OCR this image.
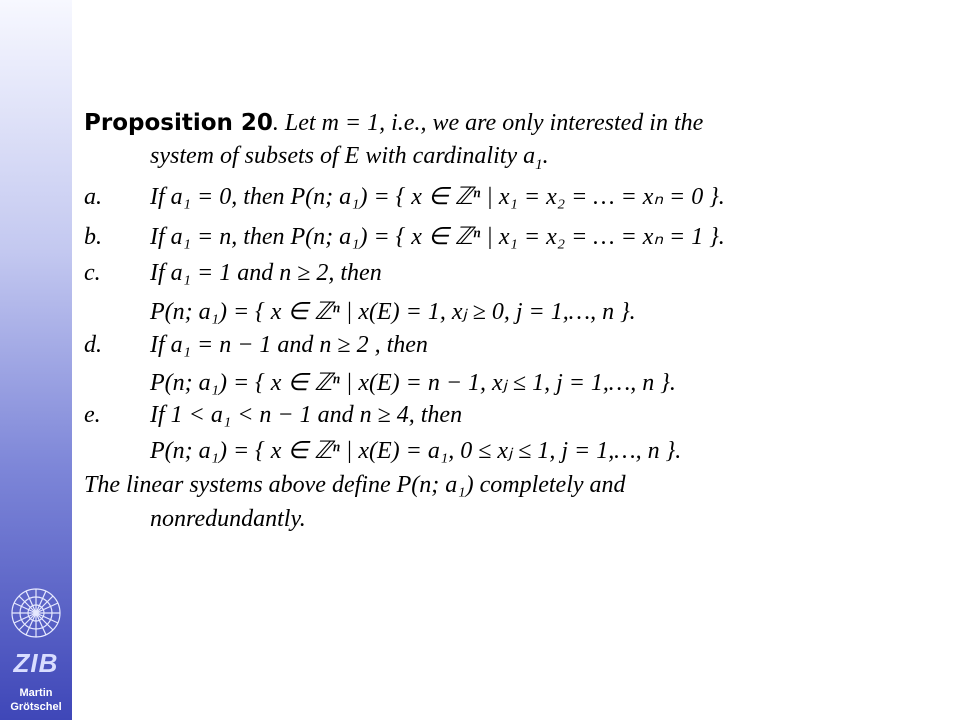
ZIB
Martin
Grötschel
Proposition 20. Let m = 1, i.e., we are only interested in the
system of subsets of E with cardinality $a_1$.
a. If a₁ = 0, then P(n; a₁) = { x ∈ ℤⁿ | x₁ = x₂ = … = xₙ = 0 }.
b. If a₁ = n, then P(n; a₁) = { x ∈ ℤⁿ | x₁ = x₂ = … = xₙ = 1 }.
c. If a₁ = 1 and n ≥ 2, then
P(n; a₁) = { x ∈ ℤⁿ | x(E) = 1, xⱼ ≥ 0, j = 1,…, n }.
d. If a₁ = n − 1 and n ≥ 2 , then
P(n; a₁) = { x ∈ ℤⁿ | x(E) = n − 1, xⱼ ≤ 1, j = 1,…, n }.
e. If 1 < a₁ < n − 1 and n ≥ 4, then
P(n; a₁) = { x ∈ ℤⁿ | x(E) = a₁, 0 ≤ xⱼ ≤ 1, j = 1,…, n }.
The linear systems above define P(n; a₁) completely and
nonredundantly.
